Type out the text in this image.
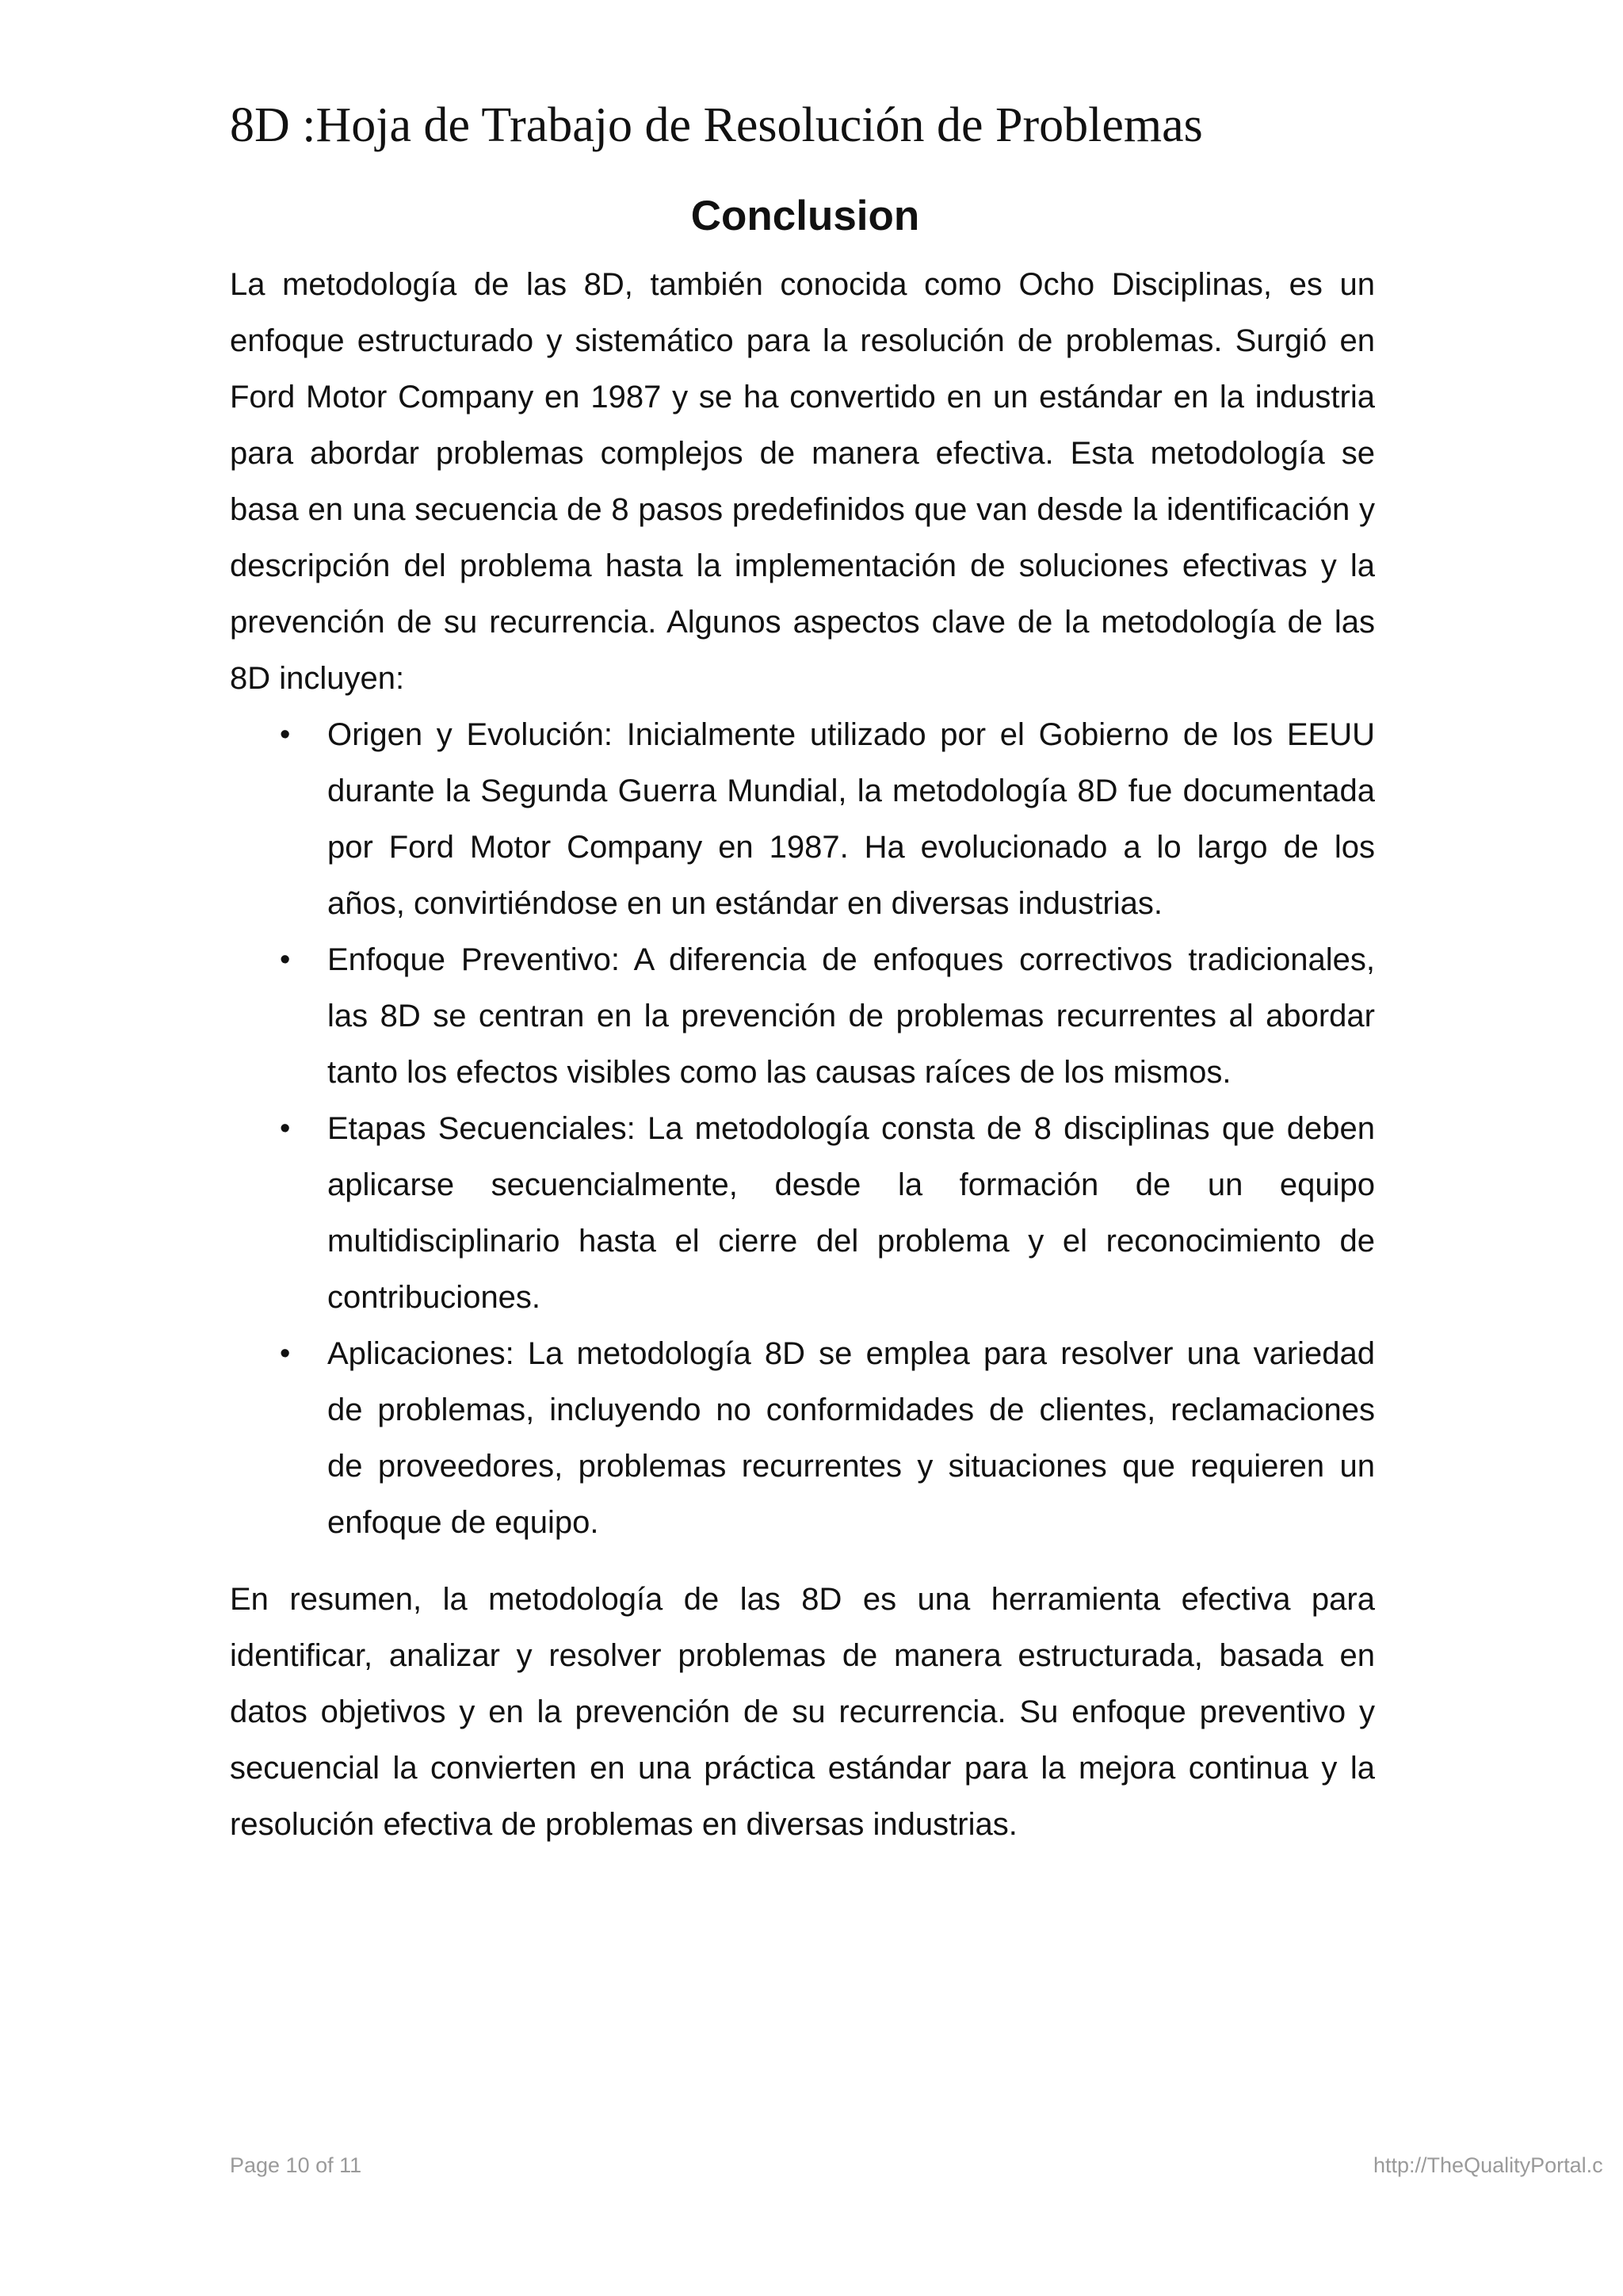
8D :Hoja de Trabajo de Resolución de Problemas
Conclusion

La metodología de las 8D, también conocida como Ocho Disciplinas, es un enfoque estructurado y sistemático para la resolución de problemas. Surgió en Ford Motor Company en 1987 y se ha convertido en un estándar en la industria para abordar problemas complejos de manera efectiva. Esta metodología se basa en una secuencia de 8 pasos predefinidos que van desde la identificación y descripción del problema hasta la implementación de soluciones efectivas y la prevención de su recurrencia. Algunos aspectos clave de la metodología de las 8D incluyen:

•	Origen y Evolución: Inicialmente utilizado por el Gobierno de los EEUU durante la Segunda Guerra Mundial, la metodología 8D fue documentada por Ford Motor Company en 1987. Ha evolucionado a lo largo de los años, convirtiéndose en un estándar en diversas industrias.
•	Enfoque Preventivo: A diferencia de enfoques correctivos tradicionales, las 8D se centran en la prevención de problemas recurrentes al abordar tanto los efectos visibles como las causas raíces de los mismos.
•	Etapas Secuenciales: La metodología consta de 8 disciplinas que deben aplicarse secuencialmente, desde la formación de un equipo multidisciplinario hasta el cierre del problema y el reconocimiento de contribuciones.
•	Aplicaciones: La metodología 8D se emplea para resolver una variedad de problemas, incluyendo no conformidades de clientes, reclamaciones de proveedores, problemas recurrentes y situaciones que requieren un enfoque de equipo.

En resumen, la metodología de las 8D es una herramienta efectiva para identificar, analizar y resolver problemas de manera estructurada, basada en datos objetivos y en la prevención de su recurrencia. Su enfoque preventivo y secuencial la convierten en una práctica estándar para la mejora continua y la resolución efectiva de problemas en diversas industrias.

Page 10 of 11	http://TheQualityPortal.c
